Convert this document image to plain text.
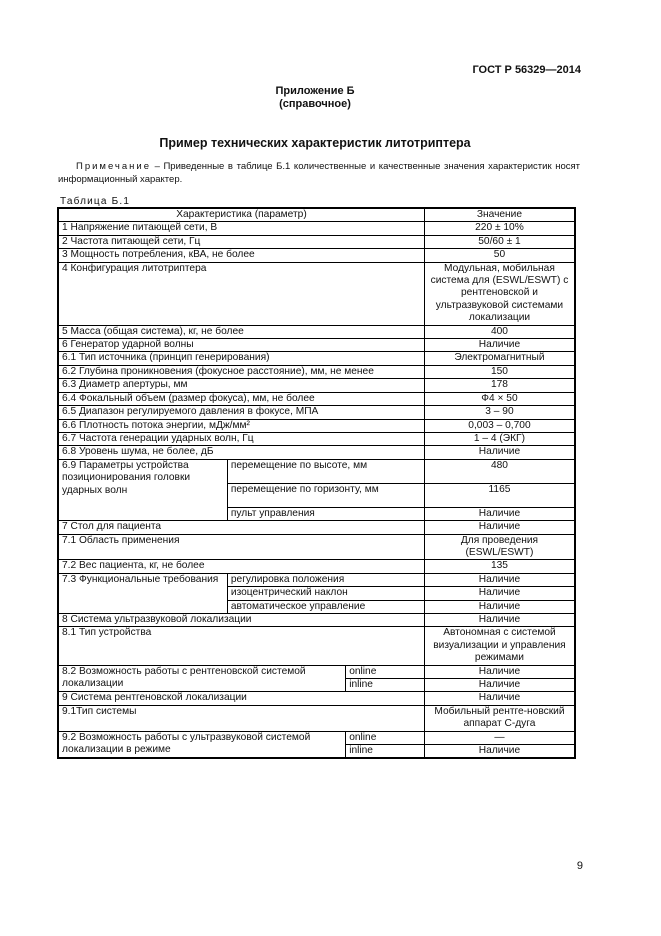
ГОСТ Р 56329—2014
Приложение Б
(справочное)
Пример технических характеристик литотриптера
Примечание – Приведенные в таблице Б.1 количественные и качественные значения характеристик носят информационный характер.
Таблица Б.1
Характеристика (параметр)			Значение
1 Напряжение питающей сети, В			220 ± 10%
2 Частота питающей сети, Гц			50/60 ± 1
3 Мощность потребления, кВА, не более			50
4 Конфигурация литотриптера			Модульная, мобильная система для (ESWL/ESWT) с рентгеновской и ультразвуковой системами локализации
5 Масса (общая система), кг, не более			400
6 Генератор ударной волны			Наличие
6.1 Тип источника (принцип генерирования)			Электромагнитный
6.2 Глубина проникновения (фокусное расстояние), мм, не менее			150
6.3 Диаметр апертуры, мм			178
6.4 Фокальный объем (размер фокуса), мм, не более			Ф4 × 50
6.5 Диапазон регулируемого давления в фокусе, МПА			3 – 90
6.6 Плотность потока энергии, мДж/мм²			0,003 – 0,700
6.7 Частота генерации ударных волн, Гц			1 – 4 (ЭКГ)
6.8 Уровень шума, не более, дБ			Наличие
6.9 Параметры устройства позиционирования головки ударных волн	перемещение по высоте, мм		480
	перемещение по горизонту, мм		1165
	пульт управления		Наличие
7 Стол для пациента			Наличие
7.1 Область применения			Для проведения (ESWL/ESWT)
7.2 Вес пациента, кг, не более			135
7.3 Функциональные требования	регулировка положения		Наличие
	изоцентрический наклон		Наличие
	автоматическое управление		Наличие
8 Система ультразвуковой локализации			Наличие
8.1 Тип устройства			Автономная с системой визуализации и управления режимами
8.2 Возможность работы с рентгеновской системой локализации		online	Наличие
		inline	Наличие
9 Система рентгеновской локализации			Наличие
9.1Тип системы			Мобильный рентге-новский аппарат С-дуга
9.2 Возможность работы с ультразвуковой системой локализации в режиме		online	—
		inline	Наличие
9
